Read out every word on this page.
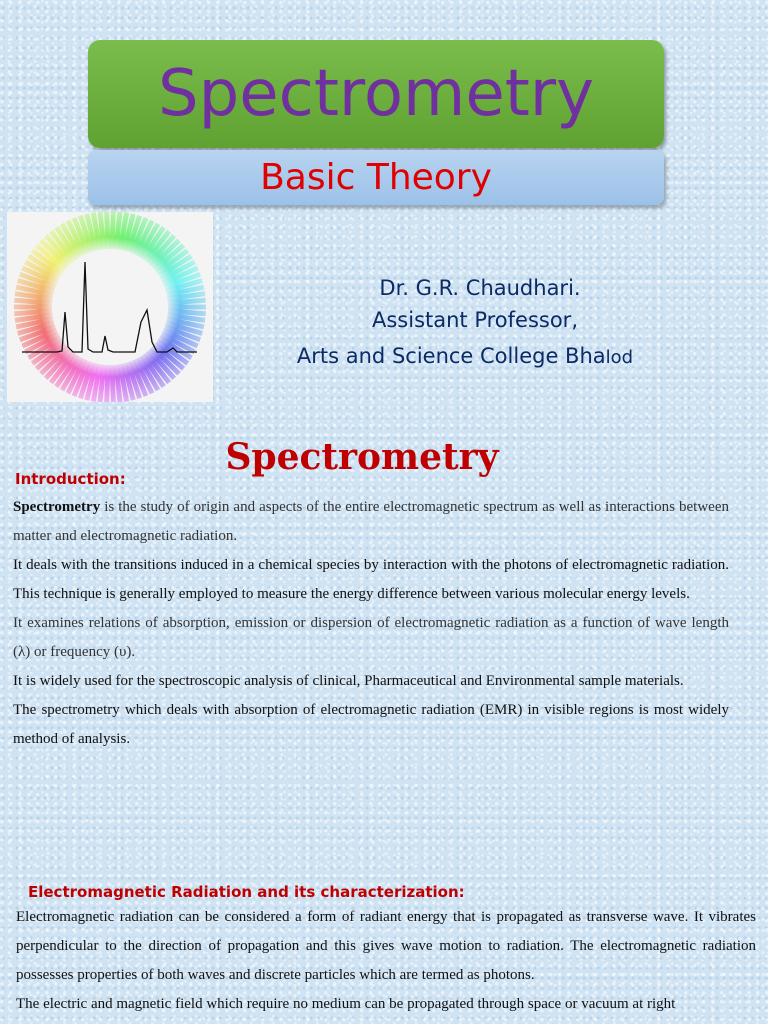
Spectrometry
Basic Theory
Dr. G.R. Chaudhari.
Assistant Professor,
Arts and Science College Bhalod
Spectrometry
Introduction:

Spectrometry is the study of origin and aspects of the entire electromagnetic spectrum as well as interactions between matter and electromagnetic radiation.

It deals with the transitions induced in a chemical species by interaction with the photons of electromagnetic radiation. This technique is generally employed to measure the energy difference between various molecular energy levels.

It examines relations of absorption, emission or dispersion of electromagnetic radiation as a function of wave length (λ) or frequency (υ).

It is widely used for the spectroscopic analysis of clinical, Pharmaceutical and Environmental sample materials.

The spectrometry which deals with absorption of electromagnetic radiation (EMR) in visible regions is most widely method of analysis.

Electromagnetic Radiation and its characterization:

Electromagnetic radiation can be considered a form of radiant energy that is propagated as transverse wave. It vibrates perpendicular to the direction of propagation and this gives wave motion to radiation. The electromagnetic radiation possesses properties of both waves and discrete particles which are termed as photons.

The electric and magnetic field which require no medium can be propagated through space or vacuum at right
